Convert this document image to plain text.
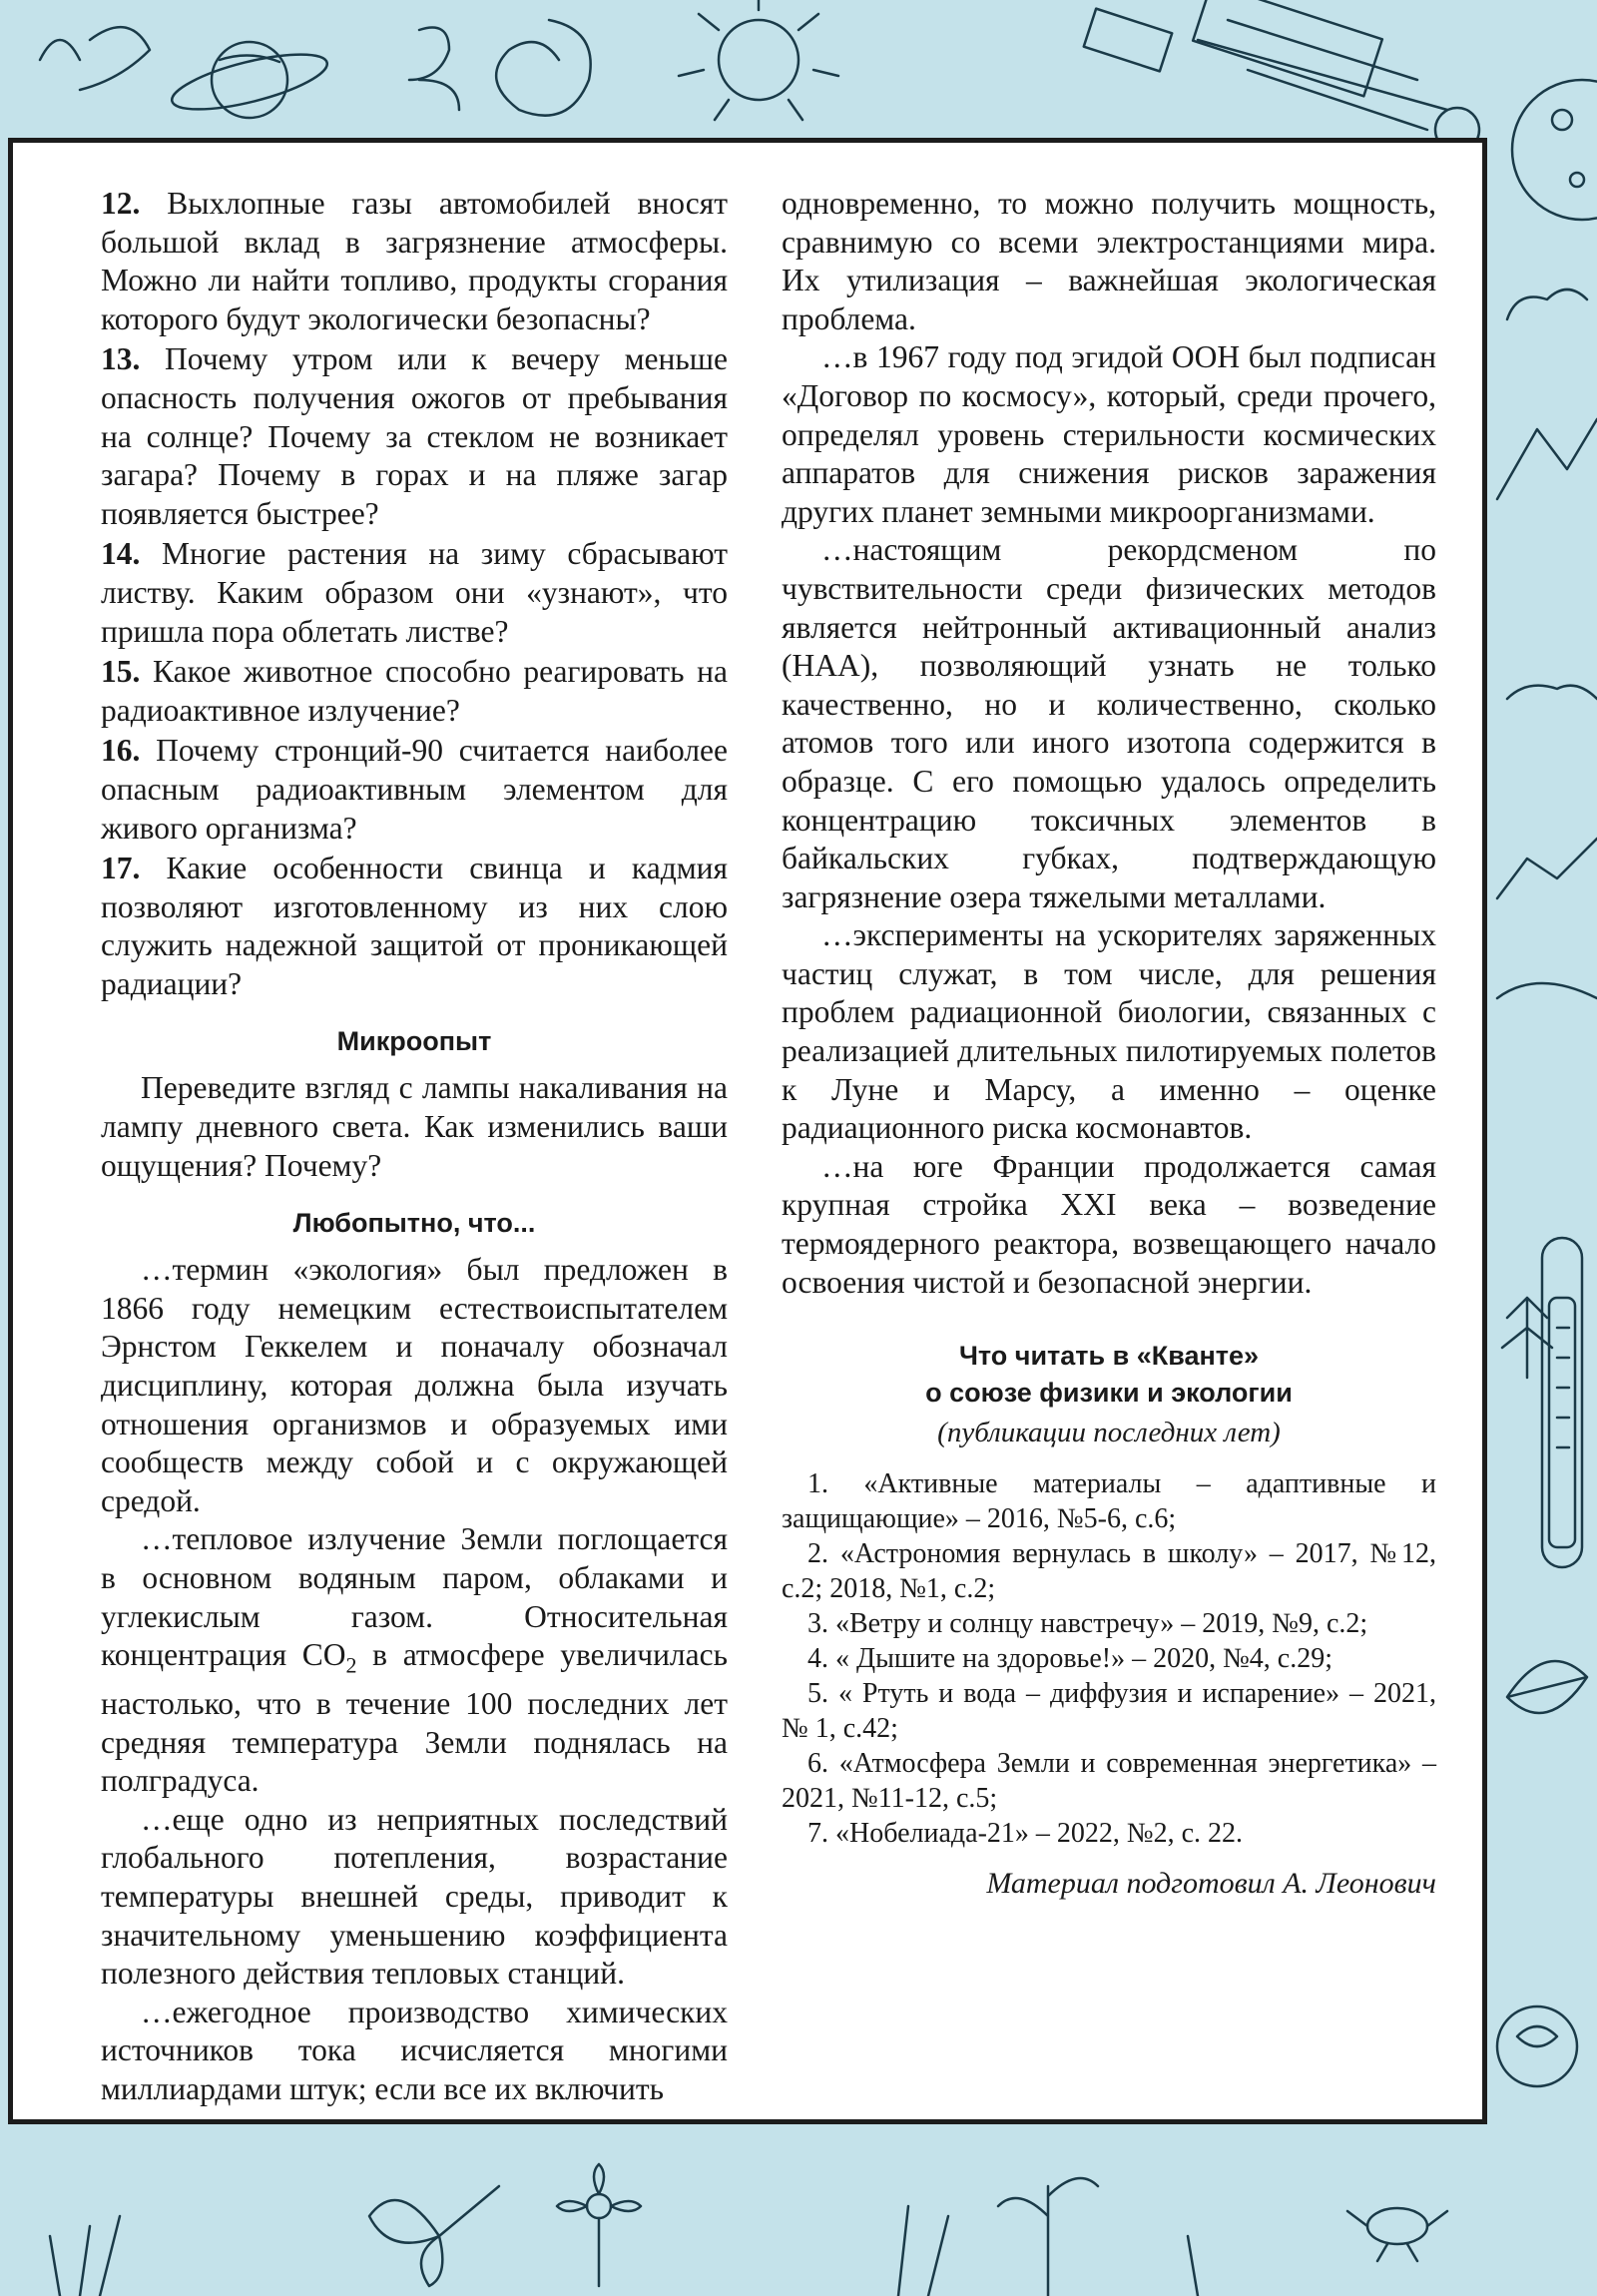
12. Выхлопные газы автомобилей вносят большой вклад в загрязнение атмосферы. Можно ли найти топливо, продукты сгорания которого будут экологически безопасны?

13. Почему утром или к вечеру меньше опасность получения ожогов от пребывания на солнце? Почему за стеклом не возникает загара? Почему в горах и на пляже загар появляется быстрее?

14. Многие растения на зиму сбрасывают листву. Каким образом они «узнают», что пришла пора облетать листве?

15. Какое животное способно реагировать на радиоактивное излучение?

16. Почему стронций-90 считается наиболее опасным радиоактивным элементом для живого организма?

17. Какие особенности свинца и кадмия позволяют изготовленному из них слою служить надежной защитой от проникающей радиации?

Микроопыт

Переведите взгляд с лампы накаливания на лампу дневного света. Как изменились ваши ощущения? Почему?

Любопытно, что...

…термин «экология» был предложен в 1866 году немецким естествоиспытателем Эрнстом Геккелем и поначалу обозначал дисциплину, которая должна была изучать отношения организмов и образуемых ими сообществ между собой и с окружающей средой.

…тепловое излучение Земли поглощается в основном водяным паром, облаками и углекислым газом. Относительная концентрация $CO_2$ в атмосфере увеличилась настолько, что в течение 100 последних лет средняя температура Земли поднялась на полградуса.

…еще одно из неприятных последствий глобального потепления, возрастание температуры внешней среды, приводит к значительному уменьшению коэффициента полезного действия тепловых станций.

…ежегодное производство химических источников тока исчисляется многими миллиардами штук; если все их включить

одновременно, то можно получить мощность, сравнимую со всеми электростанциями мира. Их утилизация – важнейшая экологическая проблема.

…в 1967 году под эгидой ООН был подписан «Договор по космосу», который, среди прочего, определял уровень стерильности космических аппаратов для снижения рисков заражения других планет земными микроорганизмами.

…настоящим рекордсменом по чувствительности среди физических методов является нейтронный активационный анализ (НАА), позволяющий узнать не только качественно, но и количественно, сколько атомов того или иного изотопа содержится в образце. С его помощью удалось определить концентрацию токсичных элементов в байкальских губках, подтверждающую загрязнение озера тяжелыми металлами.

…эксперименты на ускорителях заряженных частиц служат, в том числе, для решения проблем радиационной биологии, связанных с реализацией длительных пилотируемых полетов к Луне и Марсу, а именно – оценке радиационного риска космонавтов.

…на юге Франции продолжается самая крупная стройка XXI века – возведение термоядерного реактора, возвещающего начало освоения чистой и безопасной энергии.

Что читать в «Кванте»
о союзе физики и экологии
(публикации последних лет)

1. «Активные материалы – адаптивные и защищающие» – 2016, №5-6, с.6;

2. «Астрономия вернулась в школу» – 2017, №12, с.2; 2018, №1, с.2;

3. «Ветру и солнцу навстречу» – 2019, №9, с.2;

4. « Дышите на здоровье!» – 2020, №4, с.29;

5. « Ртуть и вода – диффузия и испарение» – 2021, № 1, с.42;

6. «Атмосфера Земли и современная энергетика» – 2021, №11-12, с.5;

7. «Нобелиада-21» – 2022, №2, с. 22.

Материал подготовил А. Леонович
